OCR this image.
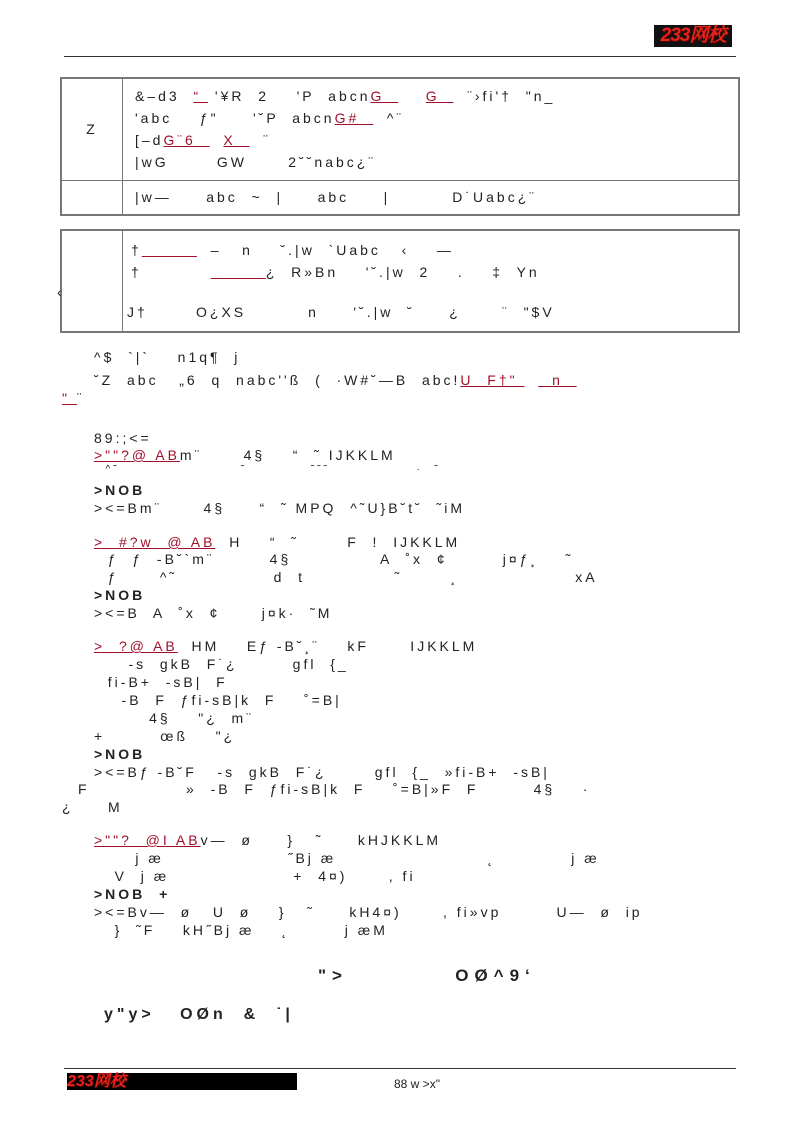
233网校
Z	&–d3  “  '¥R  2    'P  abcnG      G    ¨›fi'†  "n_
'abc    ƒ"     '˘P  abcnG#    ^¨
[–dG¨6    X    ¨
|wG       GW      2˘˘nabc¿¨

	|w—     abc  ~  |     abc     |         D˙Uabc¿¨

†	–   n    ˘.|w  `Uabc   ‹    —
†	¿  R»Bn    '˘.|w  2    .    ‡  Yn
‹
J†       O¿XS         n     '˘.|w  ˘     ¿      ¨  "$V
^$  `|`    n1q¶  j
˘Z  abc   „6  q  nabc''ß  (  ·W#˘—B  abc!U  F†"     n
" ¨
89:;<=
>""?@ ABm¨      4§    “  ˜ IJKKLM
^˜                     ˜           ˜˜˜               ·  ˜
>NOB
><=Bm¨      4§     “  ˜ MPQ  ^˜U}B˘t˘  ˜iM
>  #?w  @ AB  H    “  ˜       F  !  IJKKLM
ƒ  ƒ  -B˘`m¨        4§             A  ˚x  ¢        j¤ƒ¸    ˜
ƒ      ^˜              d  t             ˜       ¸                 xA
>NOB
><=B  A  ˚x  ¢      j¤k·  ˜M
>  ?@ AB  HM    Eƒ -B˘¸¨    kF      IJKKLM
-s  gkB  F˙¿        gfl  {_
fi-B+  -sB|  F
-B  F  ƒfi-sB|k  F    ˚=B|
4§    "¿  m¨
+        œß    "¿
>NOB
><=Bƒ -B˘F   -s  gkB  F˙¿       gfl  {_  »fi-B+  -sB|
F              »  -B  F  ƒfi-sB|k  F    ˚=B|»F  F        4§    ·
¿     M
>""?  @I ABv—  ø     }   ˜     kHJKKLM
j æ                  ˝Bj æ                      ˛           j æ
V  j æ                  +  4¤)      , fi
>NOB  +
><=Bv—  ø   U  ø    }   ˜     kH4¤)      , fi»vp        U—  ø  ip
}  ˜F    kH˝Bj æ    ˛        j æM
">          OØ^9‘
y"y>   OØn  &  ˙|
233网校	88 w >x"
